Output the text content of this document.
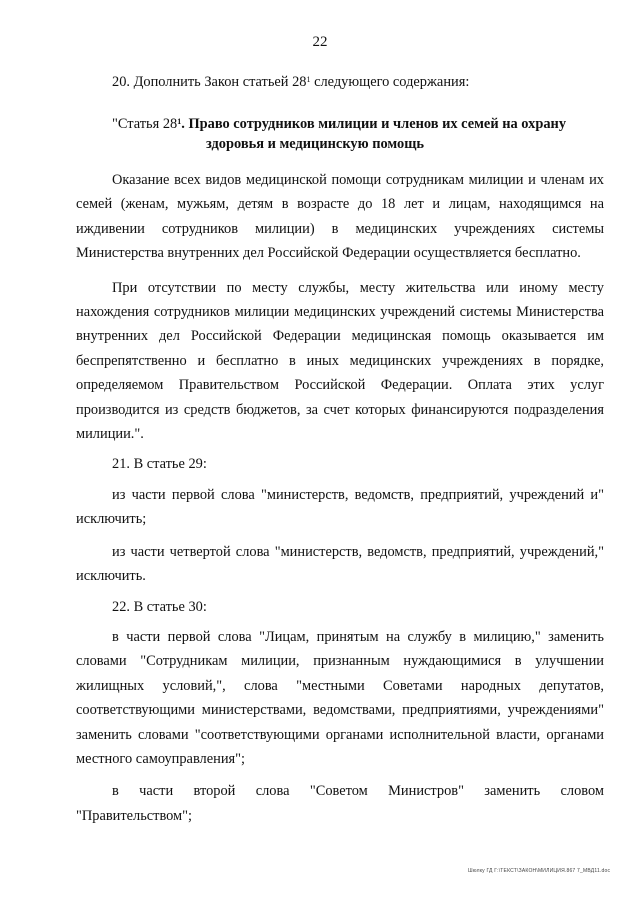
22

20. Дополнить Закон статьей $28^1$ следующего содержания:

"Статья $28^1$. Право сотрудников милиции и членов их семей на охрану
здоровья и медицинскую помощь

Оказание всех видов медицинской помощи сотрудникам милиции и членам их семей (женам, мужьям, детям в возрасте до 18 лет и лицам, находящимся на иждивении сотрудников милиции) в медицинских учреждениях системы Министерства внутренних дел Российской Федерации осуществляется бесплатно.

При отсутствии по месту службы, месту жительства или иному месту нахождения сотрудников милиции медицинских учреждений системы Министерства внутренних дел Российской Федерации медицинская помощь оказывается им беспрепятственно и бесплатно в иных медицинских учреждениях в порядке, определяемом Правительством Российской Федерации. Оплата этих услуг производится из средств бюджетов, за счет которых финансируются подразделения милиции.".

21. В статье 29:

из части первой слова "министерств, ведомств, предприятий, учреждений и" исключить;

из части четвертой слова "министерств, ведомств, предприятий, учреждений," исключить.

22. В статье 30:

в части первой слова "Лицам, принятым на службу в милицию," заменить словами "Сотрудникам милиции, признанным нуждающимися в улучшении жилищных условий,", слова "местными Советами народных депутатов, соответствующими министерствами, ведомствами, предприятиями, учреждениями" заменить словами "соответствующими органами исполнительной власти, органами местного самоуправления";

в части второй слова "Советом Министров" заменить словом "Правительством";

Шюлку ГД Г:\ТЕКСТ\ЗАКОН\МИЛИЦИЯ.867 7_МВД11.doc
